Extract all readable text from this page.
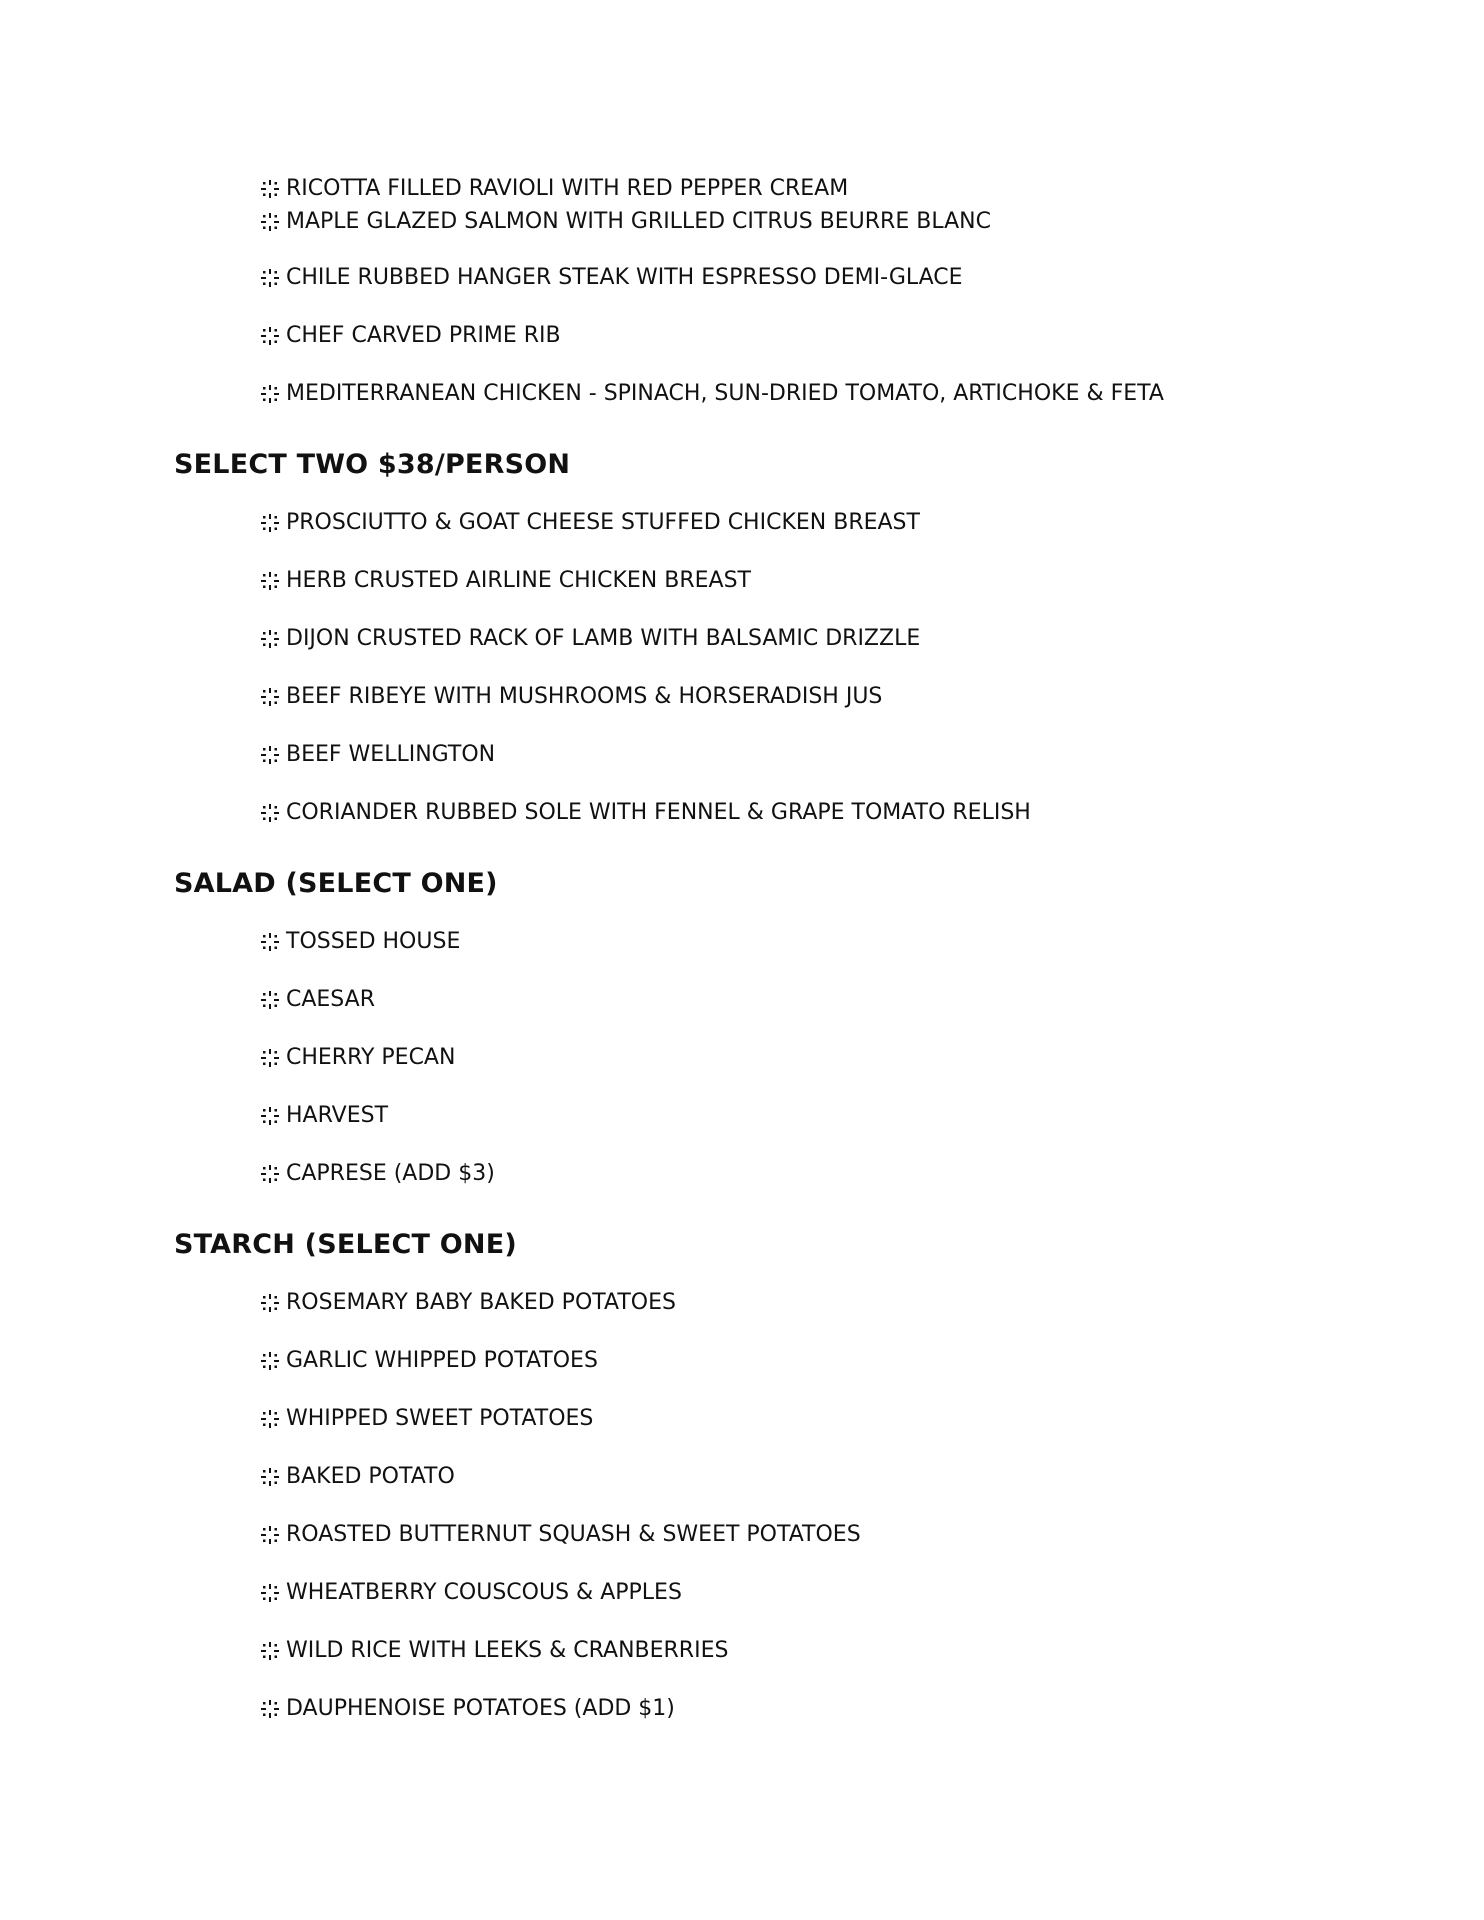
RICOTTA FILLED RAVIOLI WITH RED PEPPER CREAM
MAPLE GLAZED SALMON WITH GRILLED CITRUS BEURRE BLANC
CHILE RUBBED HANGER STEAK WITH ESPRESSO DEMI-GLACE
CHEF CARVED PRIME RIB
MEDITERRANEAN CHICKEN - SPINACH, SUN-DRIED TOMATO, ARTICHOKE & FETA
SELECT TWO $38/PERSON
PROSCIUTTO & GOAT CHEESE STUFFED CHICKEN BREAST
HERB CRUSTED AIRLINE CHICKEN BREAST
DIJON CRUSTED RACK OF LAMB WITH BALSAMIC DRIZZLE
BEEF RIBEYE WITH MUSHROOMS & HORSERADISH JUS
BEEF WELLINGTON
CORIANDER RUBBED SOLE WITH FENNEL & GRAPE TOMATO RELISH
SALAD (SELECT ONE)
TOSSED HOUSE
CAESAR
CHERRY PECAN
HARVEST
CAPRESE (ADD $3)
STARCH (SELECT ONE)
ROSEMARY BABY BAKED POTATOES
GARLIC WHIPPED POTATOES
WHIPPED SWEET POTATOES
BAKED POTATO
ROASTED BUTTERNUT SQUASH & SWEET POTATOES
WHEATBERRY COUSCOUS & APPLES
WILD RICE WITH LEEKS & CRANBERRIES
DAUPHENOISE POTATOES (ADD $1)
